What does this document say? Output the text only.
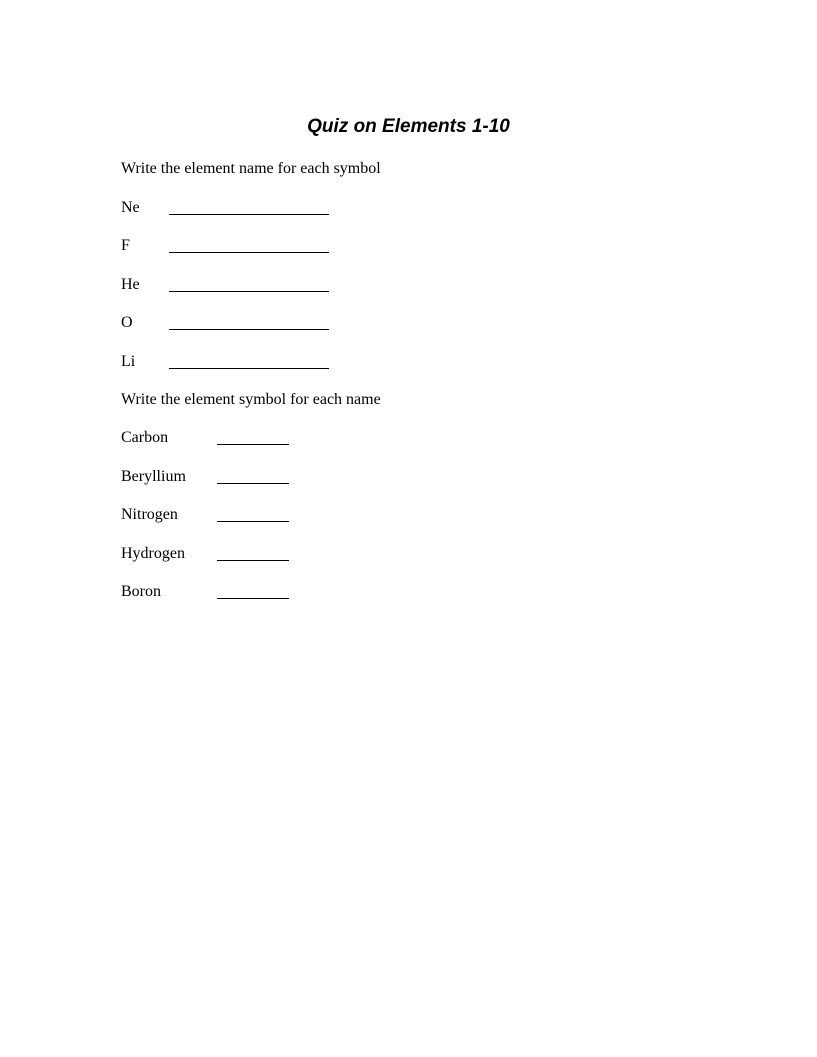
Quiz on Elements 1-10

Write the element name for each symbol

Ne
F
He
O
Li

Write the element symbol for each name

Carbon
Beryllium
Nitrogen
Hydrogen
Boron
